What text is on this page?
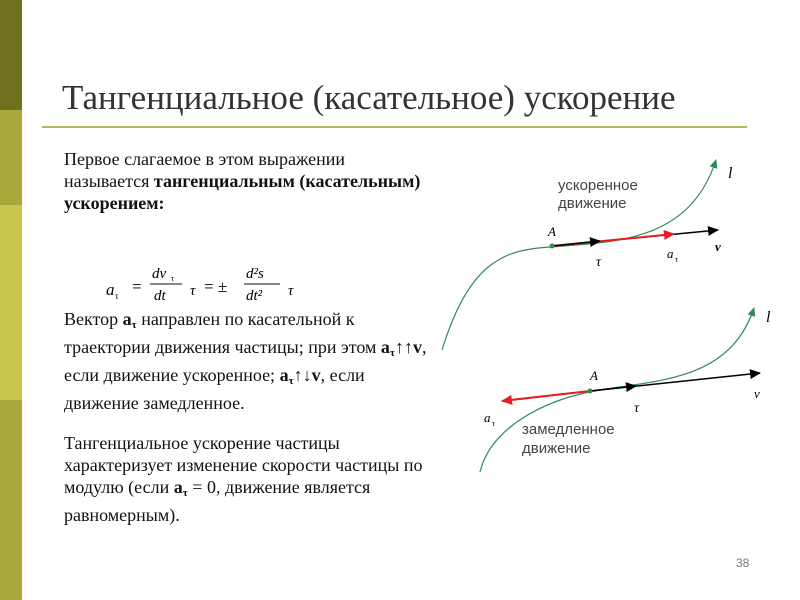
Тангенциальное (касательное) ускорение
Первое слагаемое в этом выражении называется тангенциальным (касательным) ускорением:
a τ =
dv τ
dt τ = ±
d²s
dt² τ
Вектор $a_\tau$ направлен по касательной к траектории движения частицы; при этом $a_\tau↑↑v$, если движение ускоренное; $a_\tau↑↓v$, если движение замедленное.
Тангенциальное ускорение частицы характеризует изменение скорости частицы по модулю (если $a_\tau = 0$, движение является равномерным).
ускоренное
движение
l
A
τ
a τ
v
l
A
τ
a τ
v
замедленное
движение
38
